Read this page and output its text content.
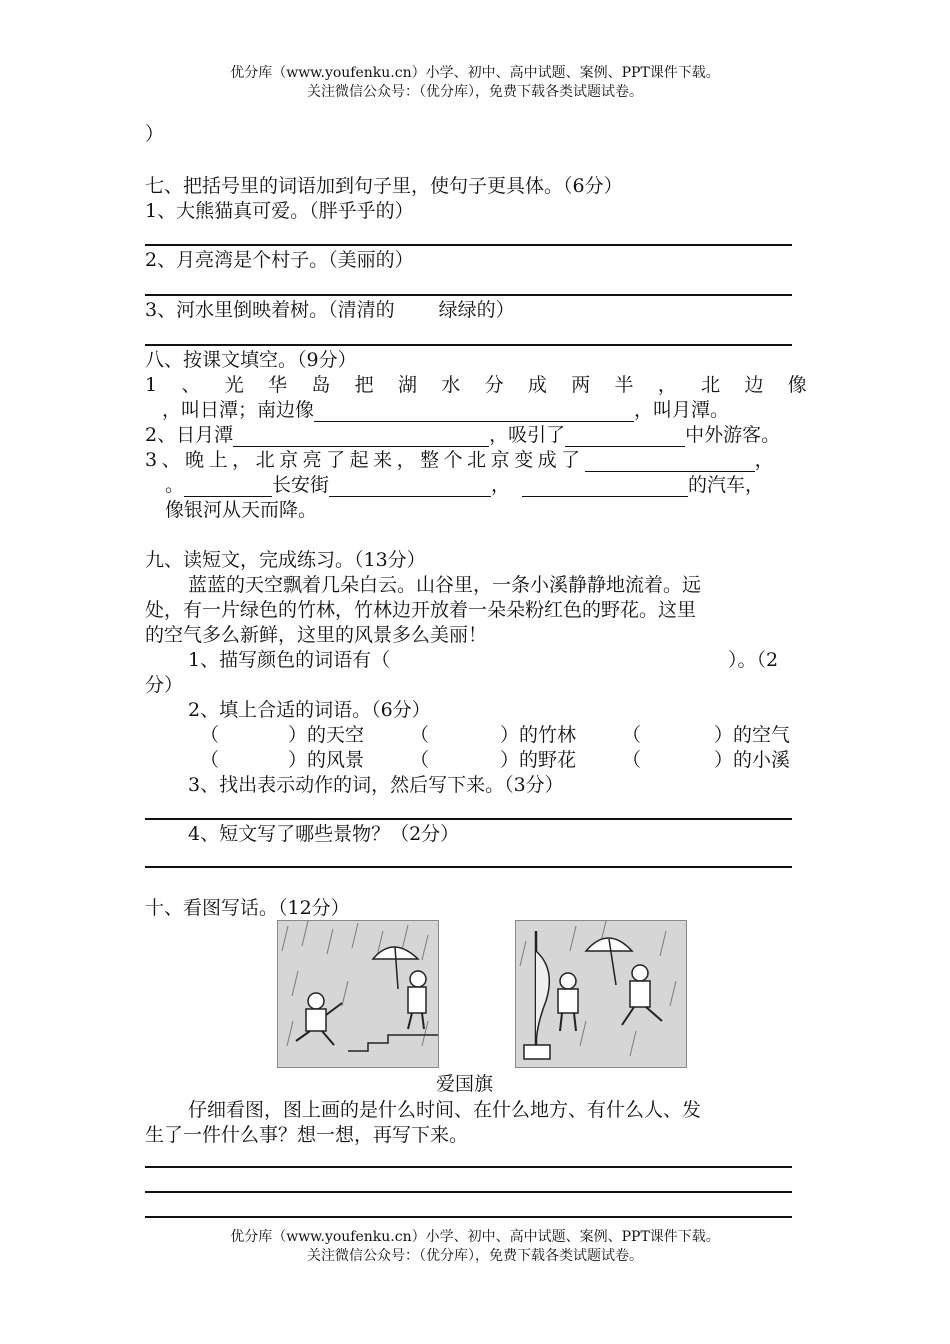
优分库（www.youfenku.cn）小学、初中、高中试题、案例、PPT课件下载。
关注微信公众号：（优分库），免费下载各类试题试卷。
）
七、把括号里的词语加到句子里，使句子更具体。（6分）
1、大熊猫真可爱。（胖乎乎的）
2、月亮湾是个村子。（美丽的）
3、河水里倒映着树。（清清的 绿绿的）
八、按课文填空。（9分）
1 、 光 华 岛 把 湖 水 分 成 两 半 ， 北 边 像
，叫日潭；南边像	，叫月潭。
2、日月潭	，吸引了	中外游客。
3、晚上，北京亮了起来，整个北京变成了	，
。	长安街	，	的汽车，
像银河从天而降。
九、读短文，完成练习。（13分）
蓝蓝的天空飘着几朵白云。山谷里，一条小溪静静地流着。远
处，有一片绿色的竹林，竹林边开放着一朵朵粉红色的野花。这里
的空气多么新鲜，这里的风景多么美丽！
1、描写颜色的词语有（	）。（2
分）
2、填上合适的词语。（6分）
（	）的天空 （	）的竹林 （	）的空气
（	）的风景 （	）的野花 （	）的小溪
3、找出表示动作的词，然后写下来。（3分）
4、短文写了哪些景物？（2分）
十、看图写话。（12分）
爱国旗
仔细看图，图上画的是什么时间、在什么地方、有什么人、发
生了一件什么事？想一想，再写下来。
优分库（www.youfenku.cn）小学、初中、高中试题、案例、PPT课件下载。
关注微信公众号：（优分库），免费下载各类试题试卷。
